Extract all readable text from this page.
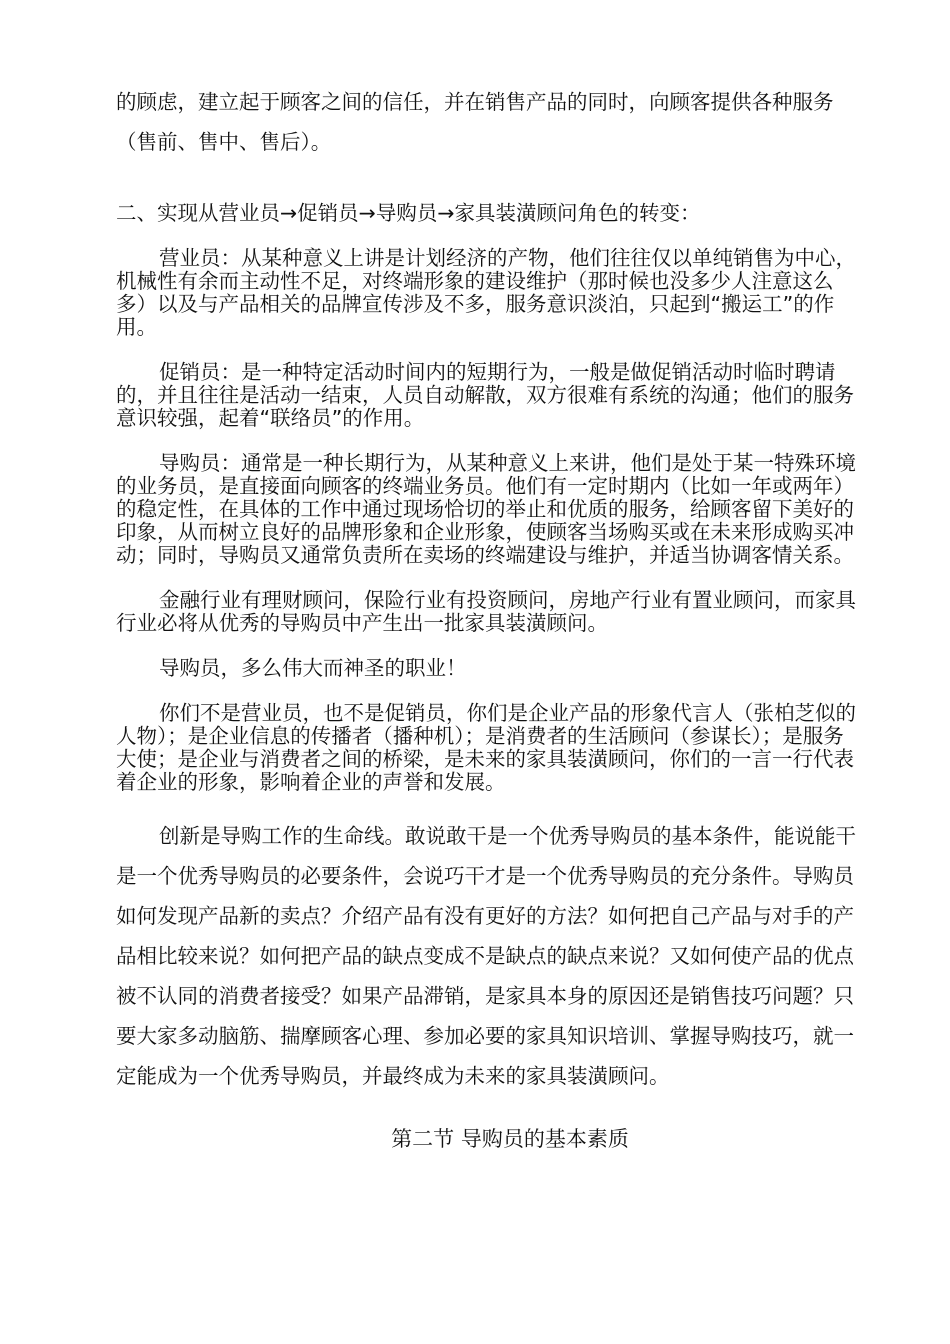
的顾虑，建立起于顾客之间的信任，并在销售产品的同时，向顾客提供各种服务（售前、售中、售后）。

二、实现从营业员→促销员→导购员→家具装潢顾问角色的转变：

营业员：从某种意义上讲是计划经济的产物，他们往往仅以单纯销售为中心，机械性有余而主动性不足，对终端形象的建设维护（那时候也没多少人注意这么多）以及与产品相关的品牌宣传涉及不多，服务意识淡泊，只起到“搬运工”的作用。

促销员：是一种特定活动时间内的短期行为，一般是做促销活动时临时聘请的，并且往往是活动一结束，人员自动解散，双方很难有系统的沟通；他们的服务意识较强，起着“联络员”的作用。

导购员：通常是一种长期行为，从某种意义上来讲，他们是处于某一特殊环境的业务员，是直接面向顾客的终端业务员。他们有一定时期内（比如一年或两年）的稳定性，在具体的工作中通过现场恰切的举止和优质的服务，给顾客留下美好的印象，从而树立良好的品牌形象和企业形象，使顾客当场购买或在未来形成购买冲动；同时，导购员又通常负责所在卖场的终端建设与维护，并适当协调客情关系。

金融行业有理财顾问，保险行业有投资顾问，房地产行业有置业顾问，而家具行业必将从优秀的导购员中产生出一批家具装潢顾问。

导购员，多么伟大而神圣的职业！

你们不是营业员，也不是促销员，你们是企业产品的形象代言人（张柏芝似的人物）；是企业信息的传播者（播种机）；是消费者的生活顾问（参谋长）；是服务大使；是企业与消费者之间的桥梁，是未来的家具装潢顾问，你们的一言一行代表着企业的形象，影响着企业的声誉和发展。

创新是导购工作的生命线。敢说敢干是一个优秀导购员的基本条件，能说能干是一个优秀导购员的必要条件，会说巧干才是一个优秀导购员的充分条件。导购员如何发现产品新的卖点？介绍产品有没有更好的方法？如何把自己产品与对手的产品相比较来说？如何把产品的缺点变成不是缺点的缺点来说？又如何使产品的优点被不认同的消费者接受？如果产品滞销，是家具本身的原因还是销售技巧问题？只要大家多动脑筋、揣摩顾客心理、参加必要的家具知识培训、掌握导购技巧，就一定能成为一个优秀导购员，并最终成为未来的家具装潢顾问。

第二节 导购员的基本素质
